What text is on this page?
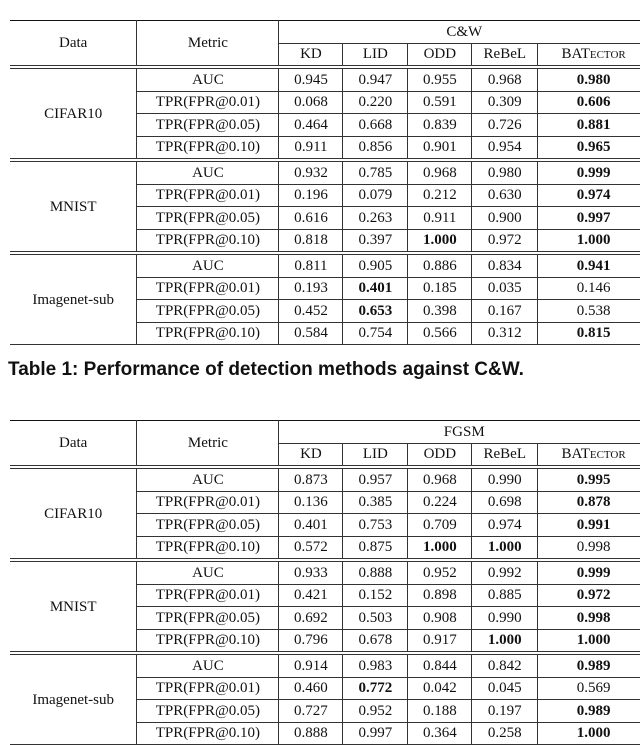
Data	Metric	C&W				
		KD	LID	ODD	ReBeL	BATector
CIFAR10	AUC	0.945	0.947	0.955	0.968	0.980
	TPR(FPR@0.01)	0.068	0.220	0.591	0.309	0.606
	TPR(FPR@0.05)	0.464	0.668	0.839	0.726	0.881
	TPR(FPR@0.10)	0.911	0.856	0.901	0.954	0.965
MNIST	AUC	0.932	0.785	0.968	0.980	0.999
	TPR(FPR@0.01)	0.196	0.079	0.212	0.630	0.974
	TPR(FPR@0.05)	0.616	0.263	0.911	0.900	0.997
	TPR(FPR@0.10)	0.818	0.397	1.000	0.972	1.000
Imagenet-sub	AUC	0.811	0.905	0.886	0.834	0.941
	TPR(FPR@0.01)	0.193	0.401	0.185	0.035	0.146
	TPR(FPR@0.05)	0.452	0.653	0.398	0.167	0.538
	TPR(FPR@0.10)	0.584	0.754	0.566	0.312	0.815
Table 1: Performance of detection methods against C&W.
Data	Metric	FGSM				
		KD	LID	ODD	ReBeL	BATector
CIFAR10	AUC	0.873	0.957	0.968	0.990	0.995
	TPR(FPR@0.01)	0.136	0.385	0.224	0.698	0.878
	TPR(FPR@0.05)	0.401	0.753	0.709	0.974	0.991
	TPR(FPR@0.10)	0.572	0.875	1.000	1.000	0.998
MNIST	AUC	0.933	0.888	0.952	0.992	0.999
	TPR(FPR@0.01)	0.421	0.152	0.898	0.885	0.972
	TPR(FPR@0.05)	0.692	0.503	0.908	0.990	0.998
	TPR(FPR@0.10)	0.796	0.678	0.917	1.000	1.000
Imagenet-sub	AUC	0.914	0.983	0.844	0.842	0.989
	TPR(FPR@0.01)	0.460	0.772	0.042	0.045	0.569
	TPR(FPR@0.05)	0.727	0.952	0.188	0.197	0.989
	TPR(FPR@0.10)	0.888	0.997	0.364	0.258	1.000
